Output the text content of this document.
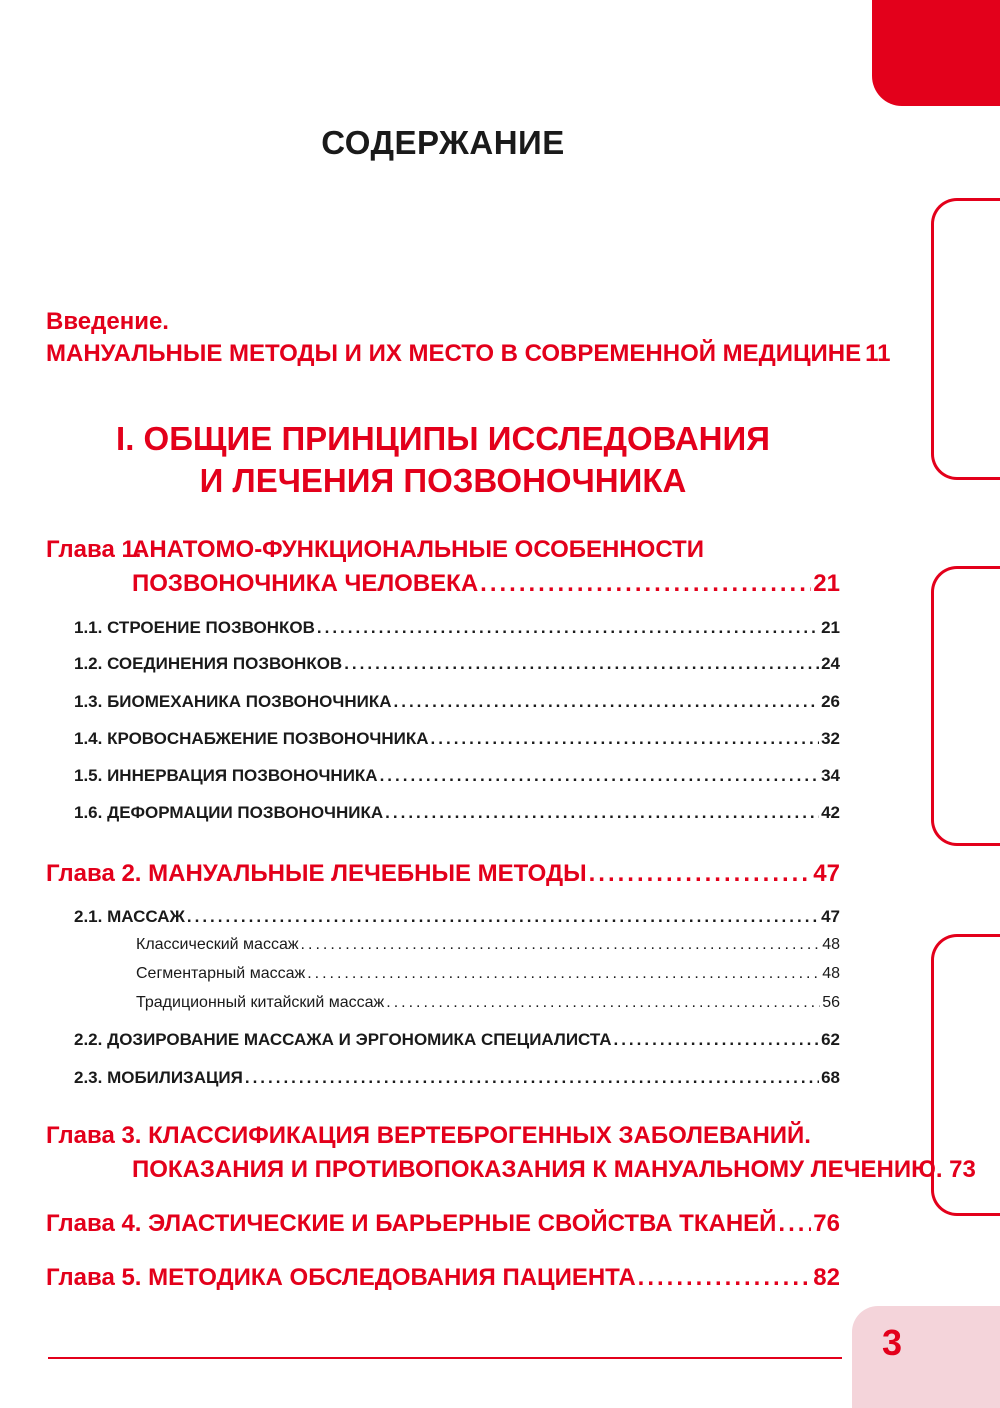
СОДЕРЖАНИЕ
Введение.
МАНУАЛЬНЫЕ МЕТОДЫ И ИХ МЕСТО В СОВРЕМЕННОЙ МЕДИЦИНЕ 11
I. ОБЩИЕ ПРИНЦИПЫ ИССЛЕДОВАНИЯ
И ЛЕЧЕНИЯ ПОЗВОНОЧНИКА
Глава 1.
АНАТОМО-ФУНКЦИОНАЛЬНЫЕ ОСОБЕННОСТИ
ПОЗВОНОЧНИКА ЧЕЛОВЕКА .....	21
1.1. СТРОЕНИЕ ПОЗВОНКОВ .....	21
1.2. СОЕДИНЕНИЯ ПОЗВОНКОВ .....	24
1.3. БИОМЕХАНИКА ПОЗВОНОЧНИКА .....	26
1.4. КРОВОСНАБЖЕНИЕ ПОЗВОНОЧНИКА .....	32
1.5. ИННЕРВАЦИЯ ПОЗВОНОЧНИКА .....	34
1.6. ДЕФОРМАЦИИ ПОЗВОНОЧНИКА .....	42
Глава 2. МАНУАЛЬНЫЕ ЛЕЧЕБНЫЕ МЕТОДЫ .....	47
2.1. МАССАЖ .....	47
Классический массаж .....	48
Сегментарный массаж .....	48
Традиционный китайский массаж .....	56
2.2. ДОЗИРОВАНИЕ МАССАЖА И ЭРГОНОМИКА СПЕЦИАЛИСТА .....	62
2.3. МОБИЛИЗАЦИЯ .....	68
Глава 3. КЛАССИФИКАЦИЯ ВЕРТЕБРОГЕННЫХ ЗАБОЛЕВАНИЙ.
ПОКАЗАНИЯ И ПРОТИВОПОКАЗАНИЯ К МАНУАЛЬНОМУ ЛЕЧЕНИЮ . 73
Глава 4. ЭЛАСТИЧЕСКИЕ И БАРЬЕРНЫЕ СВОЙСТВА ТКАНЕЙ ..... 76
Глава 5. МЕТОДИКА ОБСЛЕДОВАНИЯ ПАЦИЕНТА .....	82
3
